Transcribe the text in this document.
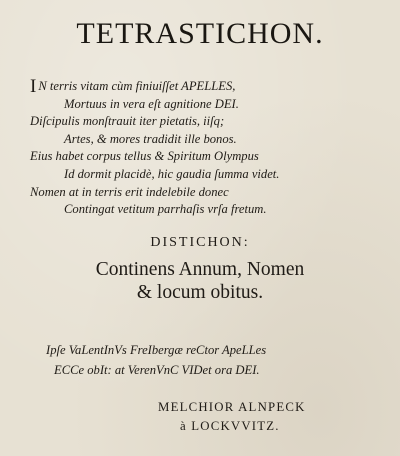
TETRASTICHON.
I N terris vitam cùm finiuiſſet APELLES,
Mortuus in vera eſt agnitione DEI.
Diſcipulis monſtrauit iter pietatis, iiſq;
Artes, & mores tradidit ille bonos.
Eius habet corpus tellus & Spiritum Olympus
Id dormit placidè, hic gaudia ſumma videt.
Nomen at in terris erit indelebile donec
Contingat vetitum parrhaſis vrſa fretum.
DISTICHON:
Continens Annum, Nomen
& locum obitus.
Ipſe VaLentInVs FreIbergæ reCtor ApeLLes
ECCe obIt: at VerenVnC VIDet ora DEI.
MELCHIOR ALNPECK
à LOCKVVITZ.
